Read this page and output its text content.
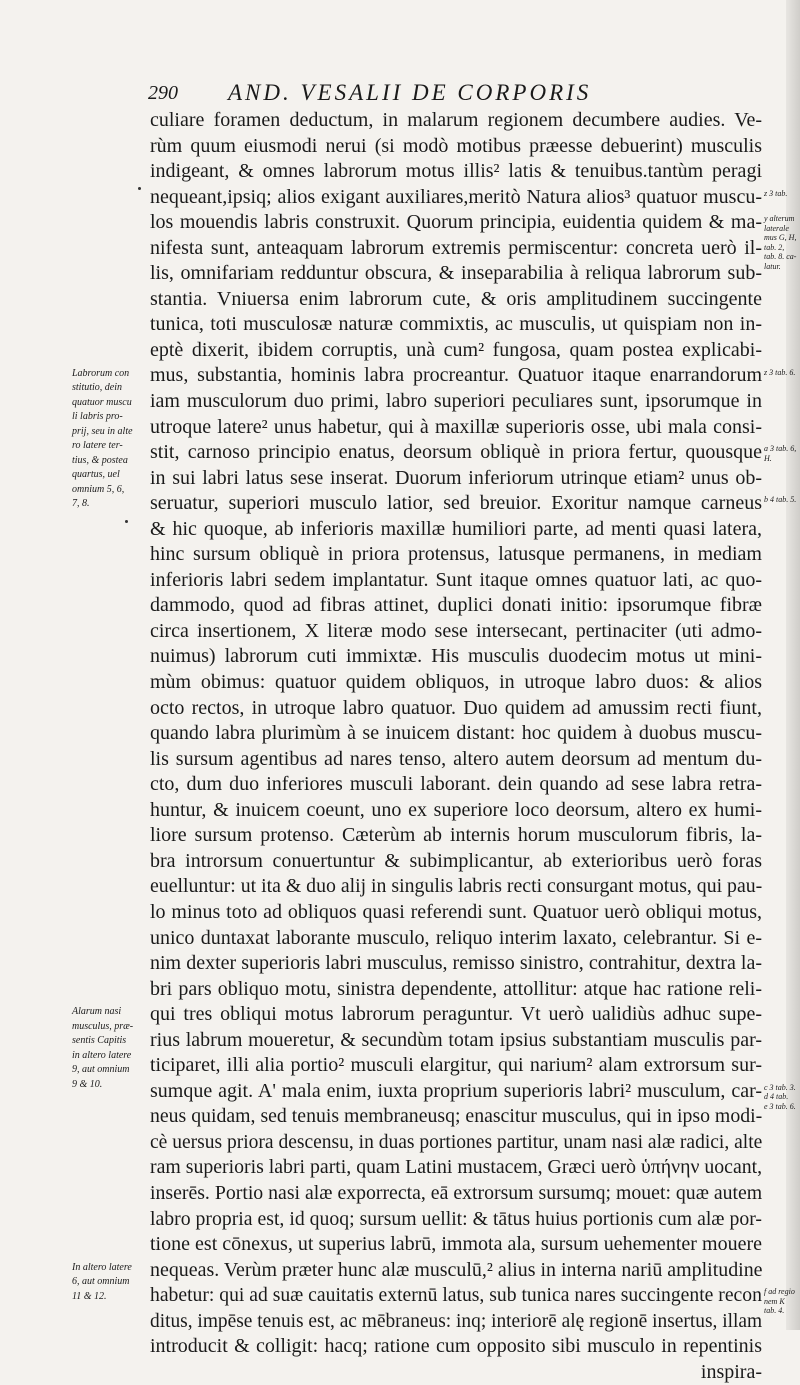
290 AND. VESALII DE CORPORIS
culiare foramen deductum, in malarum regionem decumbere audies. Ve-
rùm quum eiusmodi nerui (si modò motibus præesse debuerint) musculis
indigeant, & omnes labrorum motus illis² latis & tenuibus.tantùm peragi
nequeant,ipsiq; alios exigant auxiliares,meritò Natura alios³ quatuor muscu-
los mouendis labris construxit. Quorum principia, euidentia quidem & ma-
nifesta sunt, anteaquam labrorum extremis permiscentur: concreta uerò il-
lis, omnifariam redduntur obscura, & inseparabilia à reliqua labrorum sub-
stantia. Vniuersa enim labrorum cute, & oris amplitudinem succingente
tunica, toti musculosæ naturæ commixtis, ac musculis, ut quispiam non in-
eptè dixerit, ibidem corruptis, unà cum² fungosa, quam postea explicabi-
mus, substantia, hominis labra procreantur. Quatuor itaque enarrandorum
iam musculorum duo primi, labro superiori peculiares sunt, ipsorumque in
utroque latere² unus habetur, qui à maxillæ superioris osse, ubi mala consi-
stit, carnoso principio enatus, deorsum obliquè in priora fertur, quousque
in sui labri latus sese inserat. Duorum inferiorum utrinque etiam² unus ob-
seruatur, superiori musculo latior, sed breuior. Exoritur namque carneus
& hic quoque, ab inferioris maxillæ humiliori parte, ad menti quasi latera,
hinc sursum obliquè in priora protensus, latusque permanens, in mediam
inferioris labri sedem implantatur. Sunt itaque omnes quatuor lati, ac quo-
dammodo, quod ad fibras attinet, duplici donati initio: ipsorumque fibræ
circa insertionem, X literæ modo sese intersecant, pertinaciter (uti admo-
nuimus) labrorum cuti immixtæ. His musculis duodecim motus ut mini-
mùm obimus: quatuor quidem obliquos, in utroque labro duos: & alios
octo rectos, in utroque labro quatuor. Duo quidem ad amussim recti fiunt,
quando labra plurimùm à se inuicem distant: hoc quidem à duobus muscu-
lis sursum agentibus ad nares tenso, altero autem deorsum ad mentum du-
cto, dum duo inferiores musculi laborant. dein quando ad sese labra retra-
huntur, & inuicem coeunt, uno ex superiore loco deorsum, altero ex humi-
liore sursum protenso. Cæterùm ab internis horum musculorum fibris, la-
bra introrsum conuertuntur & subimplicantur, ab exterioribus uerò foras
euelluntur: ut ita & duo alij in singulis labris recti consurgant motus, qui pau-
lo minus toto ad obliquos quasi referendi sunt. Quatuor uerò obliqui motus,
unico duntaxat laborante musculo, reliquo interim laxato, celebrantur. Si e-
nim dexter superioris labri musculus, remisso sinistro, contrahitur, dextra la-
bri pars obliquo motu, sinistra dependente, attollitur: atque hac ratione reli-
qui tres obliqui motus labrorum peraguntur. Vt uerò ualidiùs adhuc supe-
rius labrum moueretur, & secundùm totam ipsius substantiam musculis par-
ticiparet, illi alia portio² musculi elargitur, qui narium² alam extrorsum sur-
sumque agit. A' mala enim, iuxta proprium superioris labri² musculum, car-
neus quidam, sed tenuis membraneusq; enascitur musculus, qui in ipso modi-
cè uersus priora descensu, in duas portiones partitur, unam nasi alæ radici, alte
ram superioris labri parti, quam Latini mustacem, Græci uerò ὑπήνην uocant,
inserēs. Portio nasi alæ exporrecta, eā extrorsum sursumq; mouet: quæ autem
labro propria est, id quoq; sursum uellit: & tātus huius portionis cum alæ por-
tione est cōnexus, ut superius labrū, immota ala, sursum uehementer mouere
nequeas. Verùm præter hunc alæ musculū,² alius in interna nariū amplitudine
habetur: qui ad suæ cauitatis externū latus, sub tunica nares succingente recon
ditus, impēse tenuis est, ac mēbraneus: inq; interiorē alę regionē insertus, illam
introducit & colligit: hacq; ratione cum opposito sibi musculo in repentinis
inspira-
Labrorum con
stitutio, dein
quatuor muscu
li labris pro-
prij, seu in alte
ro latere ter-
tius, & postea
quartus, uel
omnium 5, 6,
7, 8.
Alarum nasi
musculus, præ-
sentis Capitis
in altero latere
9, aut omnium
9 & 10.
In altero latere
6, aut omnium
11 & 12.
z 3 tab.
y alterum
laterale
mus G, H,
tab. 2,
tab. 8. ca-
latur.
z 3 tab. 6.
a 3 tab. 6,
H.
b 4 tab. 5.
c 3 tab. 3.
d 4 tab.
e 3 tab. 6.
f ad regio
nem K
tab. 4.
